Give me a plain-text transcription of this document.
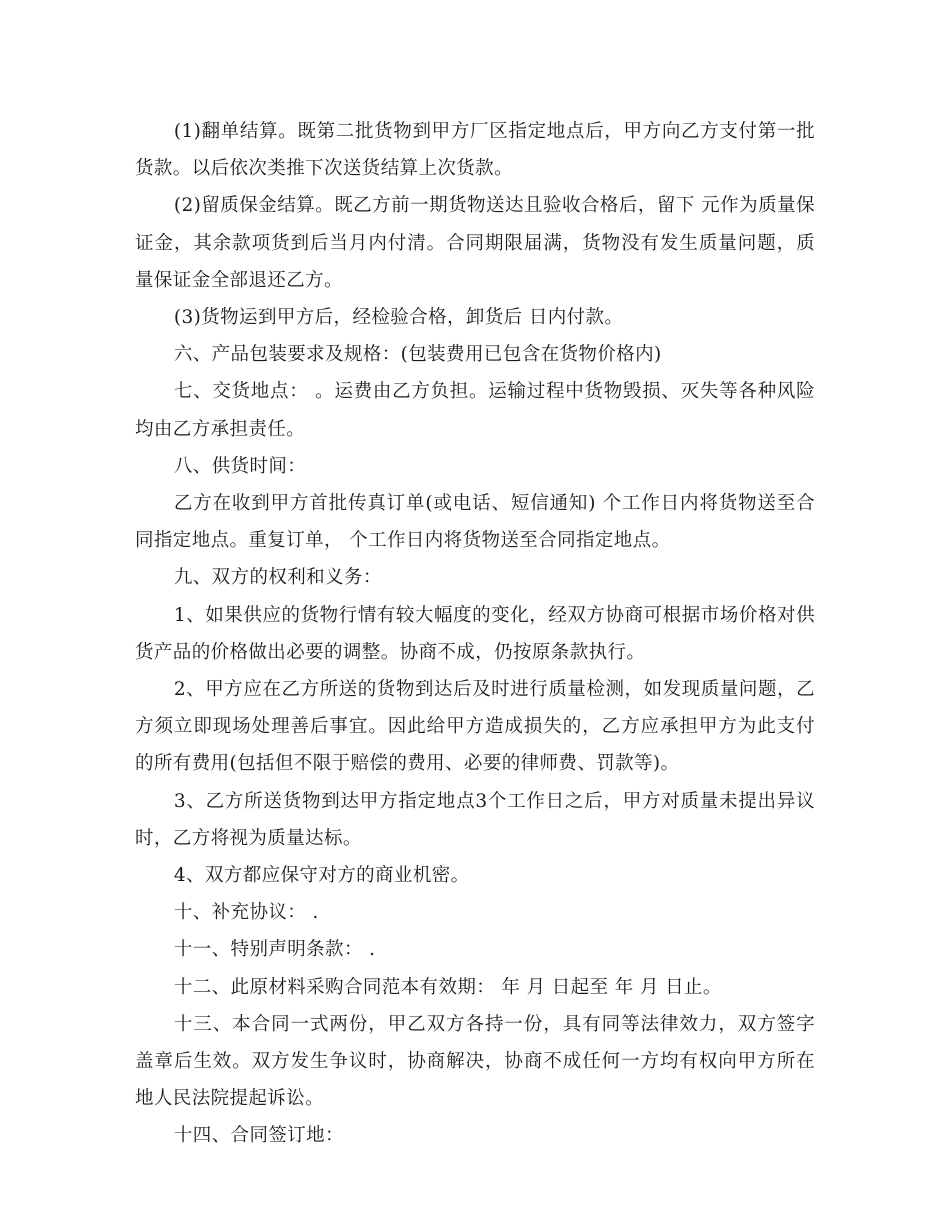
(1)翻单结算。既第二批货物到甲方厂区指定地点后，甲方向乙方支付第一批货款。以后依次类推下次送货结算上次货款。

(2)留质保金结算。既乙方前一期货物送达且验收合格后，留下 元作为质量保证金，其余款项货到后当月内付清。合同期限届满，货物没有发生质量问题，质量保证金全部退还乙方。

(3)货物运到甲方后，经检验合格，卸货后 日内付款。

六、产品包装要求及规格：(包装费用已包含在货物价格内)

七、交货地点： 。运费由乙方负担。运输过程中货物毁损、灭失等各种风险均由乙方承担责任。

八、供货时间：

乙方在收到甲方首批传真订单(或电话、短信通知) 个工作日内将货物送至合同指定地点。重复订单， 个工作日内将货物送至合同指定地点。

九、双方的权利和义务：

1、如果供应的货物行情有较大幅度的变化，经双方协商可根据市场价格对供货产品的价格做出必要的调整。协商不成，仍按原条款执行。

2、甲方应在乙方所送的货物到达后及时进行质量检测，如发现质量问题，乙方须立即现场处理善后事宜。因此给甲方造成损失的，乙方应承担甲方为此支付的所有费用(包括但不限于赔偿的费用、必要的律师费、罚款等)。

3、乙方所送货物到达甲方指定地点3个工作日之后，甲方对质量未提出异议时，乙方将视为质量达标。

4、双方都应保守对方的商业机密。

十、补充协议： .

十一、特别声明条款： .

十二、此原材料采购合同范本有效期： 年 月 日起至 年 月 日止。

十三、本合同一式两份，甲乙双方各持一份，具有同等法律效力，双方签字盖章后生效。双方发生争议时，协商解决，协商不成任何一方均有权向甲方所在地人民法院提起诉讼。

十四、合同签订地：
